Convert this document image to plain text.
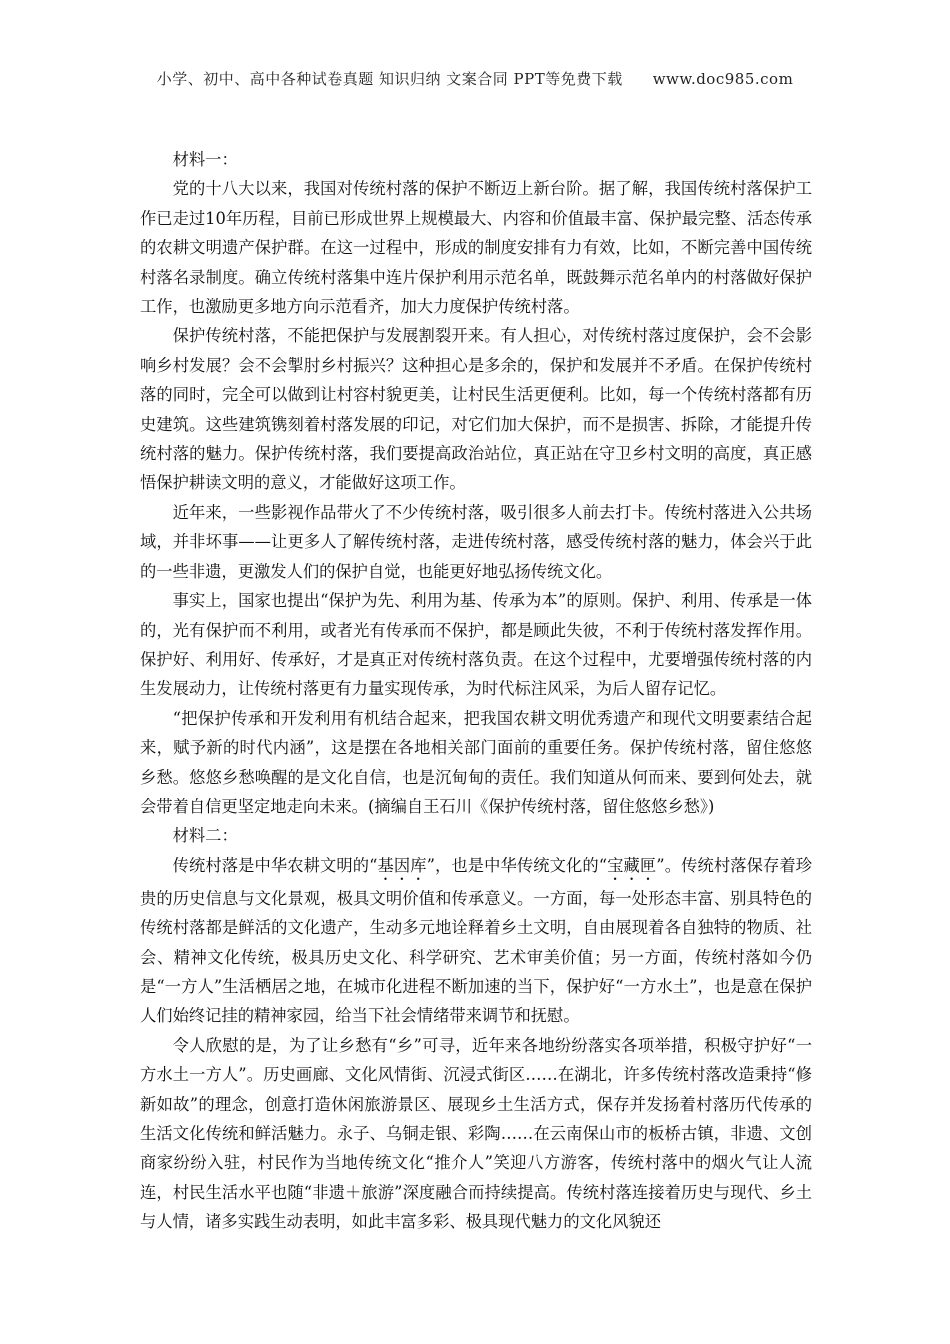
小学、初中、高中各种试卷真题 知识归纳 文案合同 PPT等免费下载 www.doc985.com

材料一：

党的十八大以来，我国对传统村落的保护不断迈上新台阶。据了解，我国传统村落保护工作已走过10年历程，目前已形成世界上规模最大、内容和价值最丰富、保护最完整、活态传承的农耕文明遗产保护群。在这一过程中，形成的制度安排有力有效，比如，不断完善中国传统村落名录制度。确立传统村落集中连片保护利用示范名单，既鼓舞示范名单内的村落做好保护工作，也激励更多地方向示范看齐，加大力度保护传统村落。

保护传统村落，不能把保护与发展割裂开来。有人担心，对传统村落过度保护，会不会影响乡村发展？会不会掣肘乡村振兴？这种担心是多余的，保护和发展并不矛盾。在保护传统村落的同时，完全可以做到让村容村貌更美，让村民生活更便利。比如，每一个传统村落都有历史建筑。这些建筑镌刻着村落发展的印记，对它们加大保护，而不是损害、拆除，才能提升传统村落的魅力。保护传统村落，我们要提高政治站位，真正站在守卫乡村文明的高度，真正感悟保护耕读文明的意义，才能做好这项工作。

近年来，一些影视作品带火了不少传统村落，吸引很多人前去打卡。传统村落进入公共场域，并非坏事——让更多人了解传统村落，走进传统村落，感受传统村落的魅力，体会兴于此的一些非遗，更激发人们的保护自觉，也能更好地弘扬传统文化。

事实上，国家也提出“保护为先、利用为基、传承为本”的原则。保护、利用、传承是一体的，光有保护而不利用，或者光有传承而不保护，都是顾此失彼，不利于传统村落发挥作用。保护好、利用好、传承好，才是真正对传统村落负责。在这个过程中，尤要增强传统村落的内生发展动力，让传统村落更有力量实现传承，为时代标注风采，为后人留存记忆。

“把保护传承和开发利用有机结合起来，把我国农耕文明优秀遗产和现代文明要素结合起来，赋予新的时代内涵”，这是摆在各地相关部门面前的重要任务。保护传统村落，留住悠悠乡愁。悠悠乡愁唤醒的是文化自信，也是沉甸甸的责任。我们知道从何而来、要到何处去，就会带着自信更坚定地走向未来。(摘编自王石川《保护传统村落，留住悠悠乡愁》)

材料二：

传统村落是中华农耕文明的“基因库”，也是中华传统文化的“宝藏匣”。传统村落保存着珍贵的历史信息与文化景观，极具文明价值和传承意义。一方面，每一处形态丰富、别具特色的传统村落都是鲜活的文化遗产，生动多元地诠释着乡土文明，自由展现着各自独特的物质、社会、精神文化传统，极具历史文化、科学研究、艺术审美价值；另一方面，传统村落如今仍是“一方人”生活栖居之地，在城市化进程不断加速的当下，保护好“一方水土”，也是意在保护人们始终记挂的精神家园，给当下社会情绪带来调节和抚慰。

令人欣慰的是，为了让乡愁有“乡”可寻，近年来各地纷纷落实各项举措，积极守护好“一方水土一方人”。历史画廊、文化风情街、沉浸式街区……在湖北，许多传统村落改造秉持“修新如故”的理念，创意打造休闲旅游景区、展现乡土生活方式，保存并发扬着村落历代传承的生活文化传统和鲜活魅力。永子、乌铜走银、彩陶……在云南保山市的板桥古镇，非遗、文创商家纷纷入驻，村民作为当地传统文化“推介人”笑迎八方游客，传统村落中的烟火气让人流连，村民生活水平也随“非遗＋旅游”深度融合而持续提高。传统村落连接着历史与现代、乡土与人情，诸多实践生动表明，如此丰富多彩、极具现代魅力的文化风貌还
